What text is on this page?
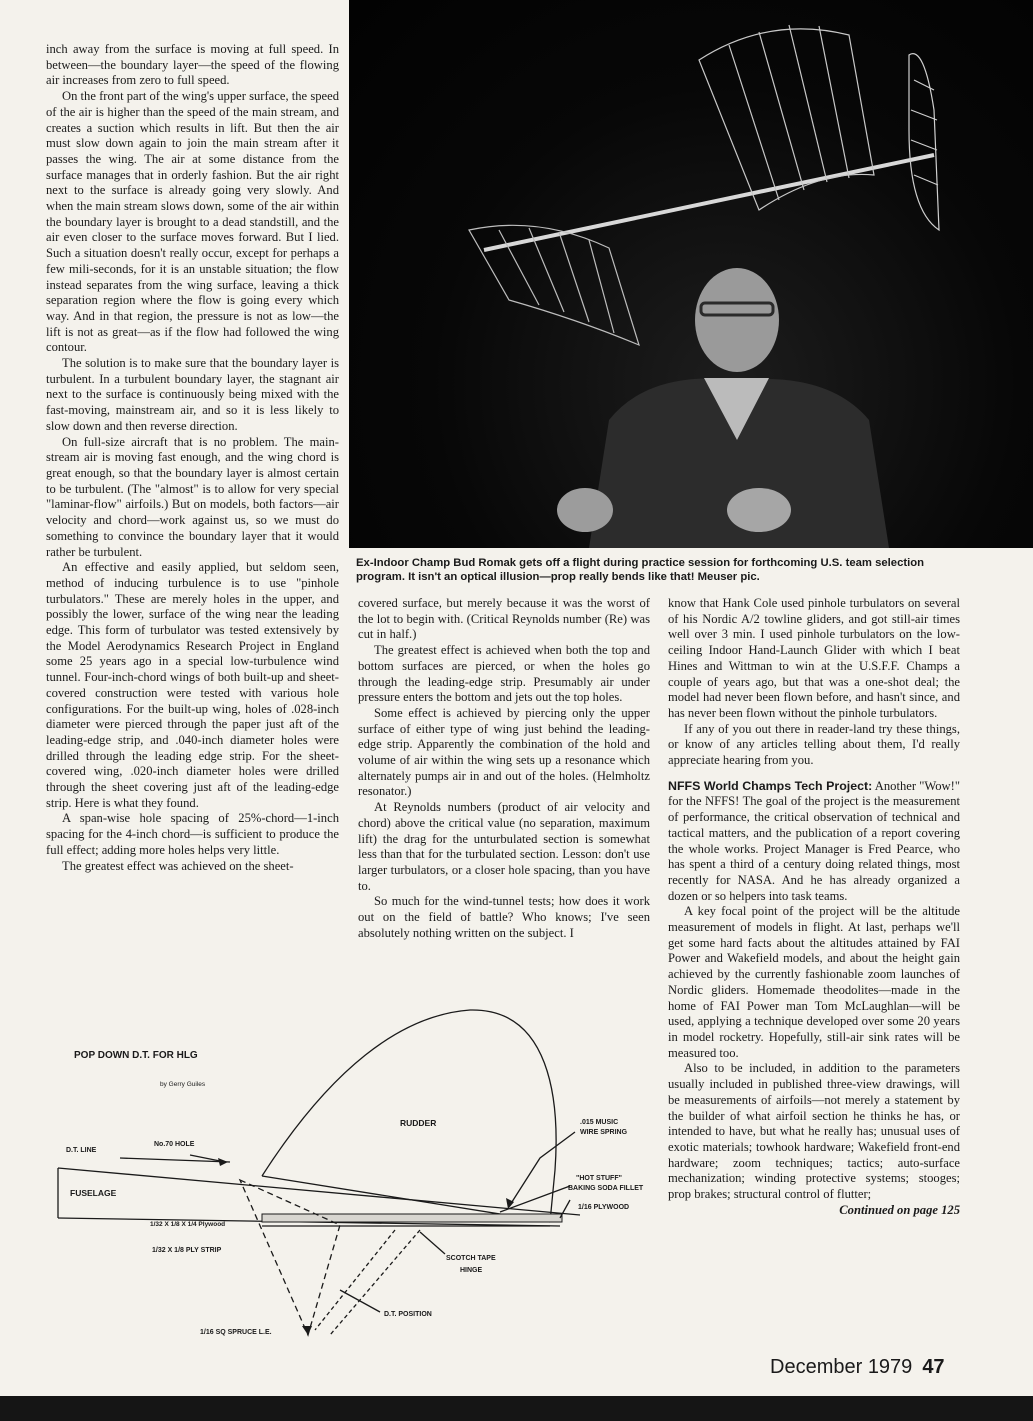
inch away from the surface is moving at full speed. In between—the boundary layer—the speed of the flowing air increases from zero to full speed.

On the front part of the wing's upper surface, the speed of the air is higher than the speed of the main stream, and creates a suction which results in lift. But then the air must slow down again to join the main stream after it passes the wing. The air at some distance from the surface manages that in orderly fashion. But the air right next to the surface is already going very slowly. And when the main stream slows down, some of the air within the boundary layer is brought to a dead standstill, and the air even closer to the surface moves forward. But I lied. Such a situation doesn't really occur, except for perhaps a few mili-seconds, for it is an unstable situation; the flow instead separates from the wing surface, leaving a thick separation region where the flow is going every which way. And in that region, the pressure is not as low—the lift is not as great—as if the flow had followed the wing contour.

The solution is to make sure that the boundary layer is turbulent. In a turbulent boundary layer, the stagnant air next to the surface is continuously being mixed with the fast-moving, mainstream air, and so it is less likely to slow down and then reverse direction.

On full-size aircraft that is no problem. The main-stream air is moving fast enough, and the wing chord is great enough, so that the boundary layer is almost certain to be turbulent. (The "almost" is to allow for very special "laminar-flow" airfoils.) But on models, both factors—air velocity and chord—work against us, so we must do something to convince the boundary layer that it would rather be turbulent.

An effective and easily applied, but seldom seen, method of inducing turbulence is to use "pinhole turbulators." These are merely holes in the upper, and possibly the lower, surface of the wing near the leading edge. This form of turbulator was tested extensively by the Model Aerodynamics Research Project in England some 25 years ago in a special low-turbulence wind tunnel. Four-inch-chord wings of both built-up and sheet-covered construction were tested with various hole configurations. For the built-up wing, holes of .028-inch diameter were pierced through the paper just aft of the leading-edge strip, and .040-inch diameter holes were drilled through the leading edge strip. For the sheet-covered wing, .020-inch diameter holes were drilled through the sheet covering just aft of the leading-edge strip. Here is what they found.

A span-wise hole spacing of 25%-chord—1-inch spacing for the 4-inch chord—is sufficient to produce the full effect; adding more holes helps very little.

The greatest effect was achieved on the sheet-

Ex-Indoor Champ Bud Romak gets off a flight during practice session for forthcoming U.S. team selection program. It isn't an optical illusion—prop really bends like that! Meuser pic.

covered surface, but merely because it was the worst of the lot to begin with. (Critical Reynolds number (Re) was cut in half.)

The greatest effect is achieved when both the top and bottom surfaces are pierced, or when the holes go through the leading-edge strip. Presumably air under pressure enters the bottom and jets out the top holes.

Some effect is achieved by piercing only the upper surface of either type of wing just behind the leading-edge strip. Apparently the combination of the hold and volume of air within the wing sets up a resonance which alternately pumps air in and out of the holes. (Helmholtz resonator.)

At Reynolds numbers (product of air velocity and chord) above the critical value (no separation, maximum lift) the drag for the unturbulated section is somewhat less than that for the turbulated section. Lesson: don't use larger turbulators, or a closer hole spacing, than you have to.

So much for the wind-tunnel tests; how does it work out on the field of battle? Who knows; I've seen absolutely nothing written on the subject. I

know that Hank Cole used pinhole turbulators on several of his Nordic A/2 towline gliders, and got still-air times well over 3 min. I used pinhole turbulators on the low-ceiling Indoor Hand-Launch Glider with which I beat Hines and Wittman to win at the U.S.F.F. Champs a couple of years ago, but that was a one-shot deal; the model had never been flown before, and hasn't since, and has never been flown without the pinhole turbulators.

If any of you out there in reader-land try these things, or know of any articles telling about them, I'd really appreciate hearing from you.

NFFS World Champs Tech Project: Another "Wow!" for the NFFS! The goal of the project is the measurement of performance, the critical observation of technical and tactical matters, and the publication of a report covering the whole works. Project Manager is Fred Pearce, who has spent a third of a century doing related things, most recently for NASA. And he has already organized a dozen or so helpers into task teams.

A key focal point of the project will be the altitude measurement of models in flight. At last, perhaps we'll get some hard facts about the altitudes attained by FAI Power and Wakefield models, and about the height gain achieved by the currently fashionable zoom launches of Nordic gliders. Homemade theodolites—made in the home of FAI Power man Tom McLaughlan—will be used, applying a technique developed over some 20 years in model rocketry. Hopefully, still-air sink rates will be measured too.

Also to be included, in addition to the parameters usually included in published three-view drawings, will be measurements of airfoils—not merely a statement by the builder of what airfoil section he thinks he has, or intended to have, but what he really has; unusual uses of exotic materials; towhook hardware; Wakefield front-end hardware; zoom techniques; tactics; auto-surface mechanization; winding protective systems; stooges; prop brakes; structural control of flutter;

Continued on page 125
POP DOWN D.T. FOR HLG
by Gerry Guiles
RUDDER	.015 MUSIC
WIRE SPRING
D.T. LINE
No.70 HOLE
"HOT STUFF"
BAKING SODA FILLET
1/16 PLYWOOD
FUSELAGE
1/32 X 1/8 X 1/4 Plywood
1/32 X 1/8 PLY STRIP
SCOTCH TAPE
HINGE
D.T. POSITION
1/16 SQ SPRUCE L.E.
December 1979 47
